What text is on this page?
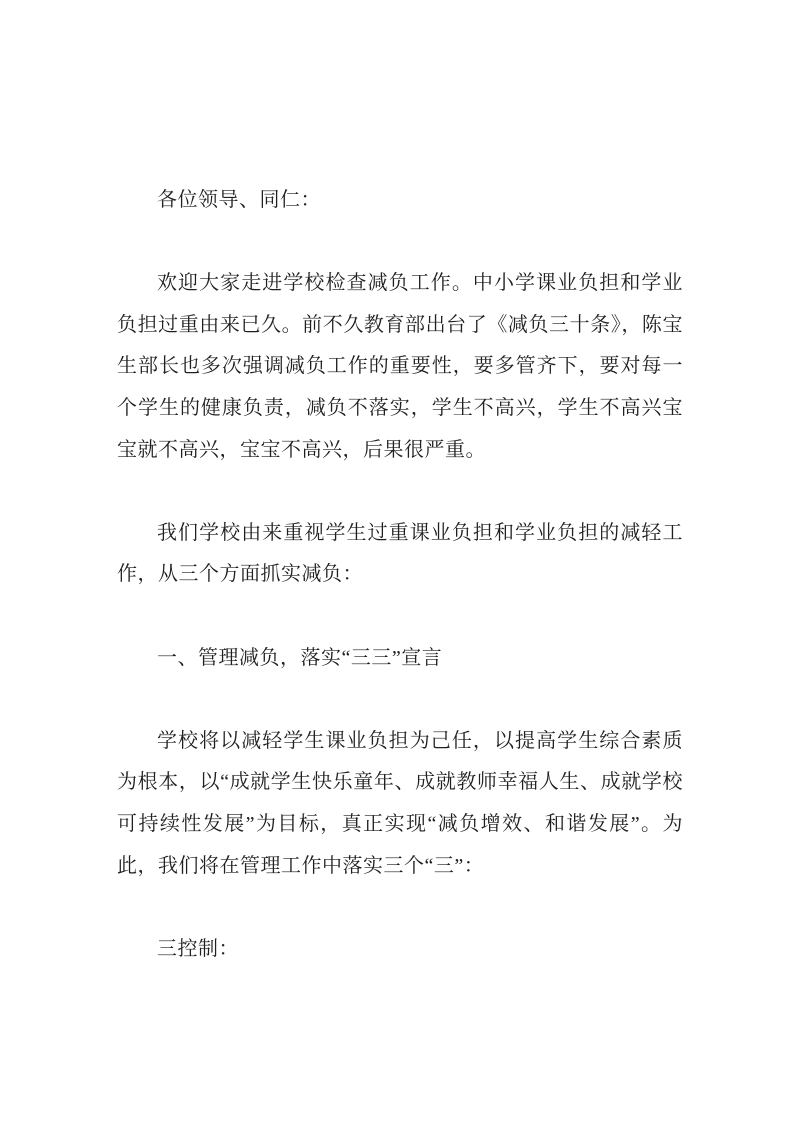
各位领导、同仁：

欢迎大家走进学校检查减负工作。中小学课业负担和学业负担过重由来已久。前不久教育部出台了《减负三十条》，陈宝生部长也多次强调减负工作的重要性，要多管齐下，要对每一个学生的健康负责，减负不落实，学生不高兴，学生不高兴宝宝就不高兴，宝宝不高兴，后果很严重。

我们学校由来重视学生过重课业负担和学业负担的减轻工作，从三个方面抓实减负：

一、管理减负，落实“三三”宣言

学校将以减轻学生课业负担为己任，以提高学生综合素质为根本，以“成就学生快乐童年、成就教师幸福人生、成就学校可持续性发展”为目标，真正实现“减负增效、和谐发展”。为此，我们将在管理工作中落实三个“三”：

三控制：
